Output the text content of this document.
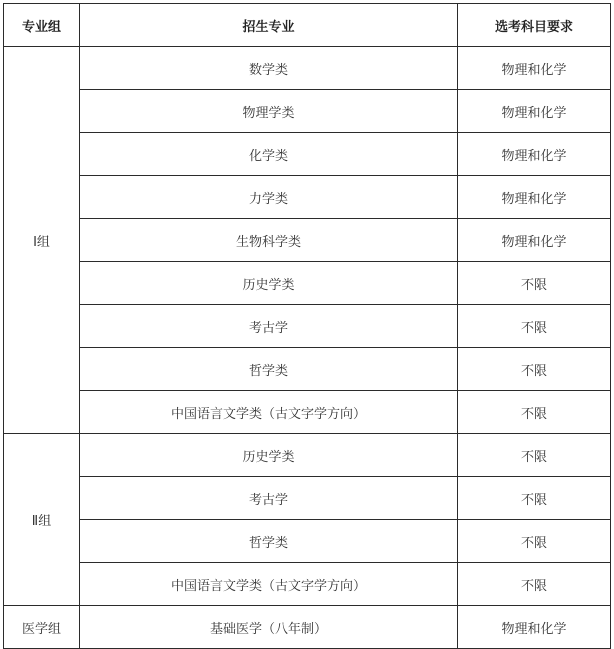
专业组	招生专业	选考科目要求
Ⅰ组	数学类	物理和化学
	物理学类	物理和化学
	化学类	物理和化学
	力学类	物理和化学
	生物科学类	物理和化学
	历史学类	不限
	考古学	不限
	哲学类	不限
	中国语言文学类（古文字学方向）	不限
Ⅱ组	历史学类	不限
	考古学	不限
	哲学类	不限
	中国语言文学类（古文字学方向）	不限
医学组	基础医学（八年制）	物理和化学
